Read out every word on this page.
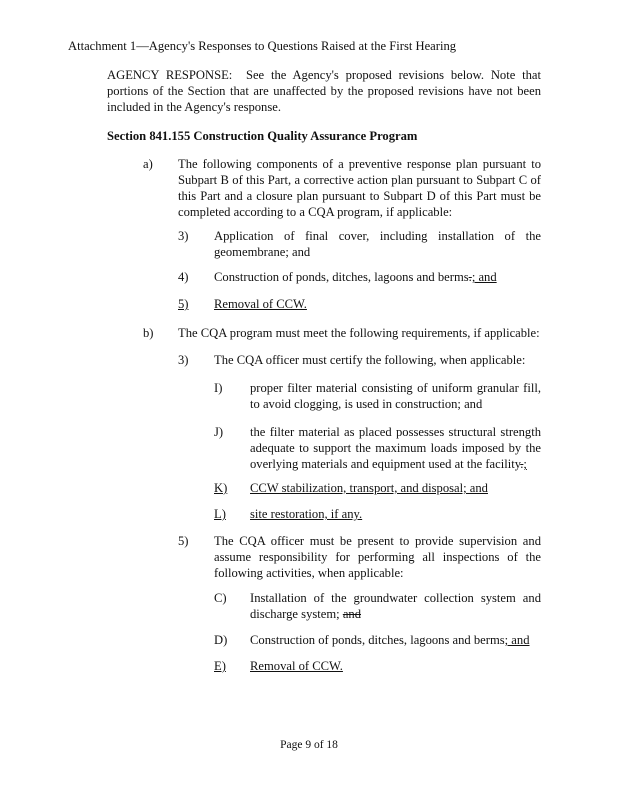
Attachment 1—Agency's Responses to Questions Raised at the First Hearing
AGENCY RESPONSE: See the Agency's proposed revisions below. Note that portions of the Section that are unaffected by the proposed revisions have not been included in the Agency's response.
Section 841.155 Construction Quality Assurance Program
a) The following components of a preventive response plan pursuant to Subpart B of this Part, a corrective action plan pursuant to Subpart C of this Part and a closure plan pursuant to Subpart D of this Part must be completed according to a CQA program, if applicable:
3) Application of final cover, including installation of the geomembrane; and
4) Construction of ponds, ditches, lagoons and berms.; and
5) Removal of CCW.
b) The CQA program must meet the following requirements, if applicable:
3) The CQA officer must certify the following, when applicable:
I) proper filter material consisting of uniform granular fill, to avoid clogging, is used in construction; and
J) the filter material as placed possesses structural strength adequate to support the maximum loads imposed by the overlying materials and equipment used at the facility.;
K) CCW stabilization, transport, and disposal; and
L) site restoration, if any.
5) The CQA officer must be present to provide supervision and assume responsibility for performing all inspections of the following activities, when applicable:
C) Installation of the groundwater collection system and discharge system; and
D) Construction of ponds, ditches, lagoons and berms; and
E) Removal of CCW.
Page 9 of 18
